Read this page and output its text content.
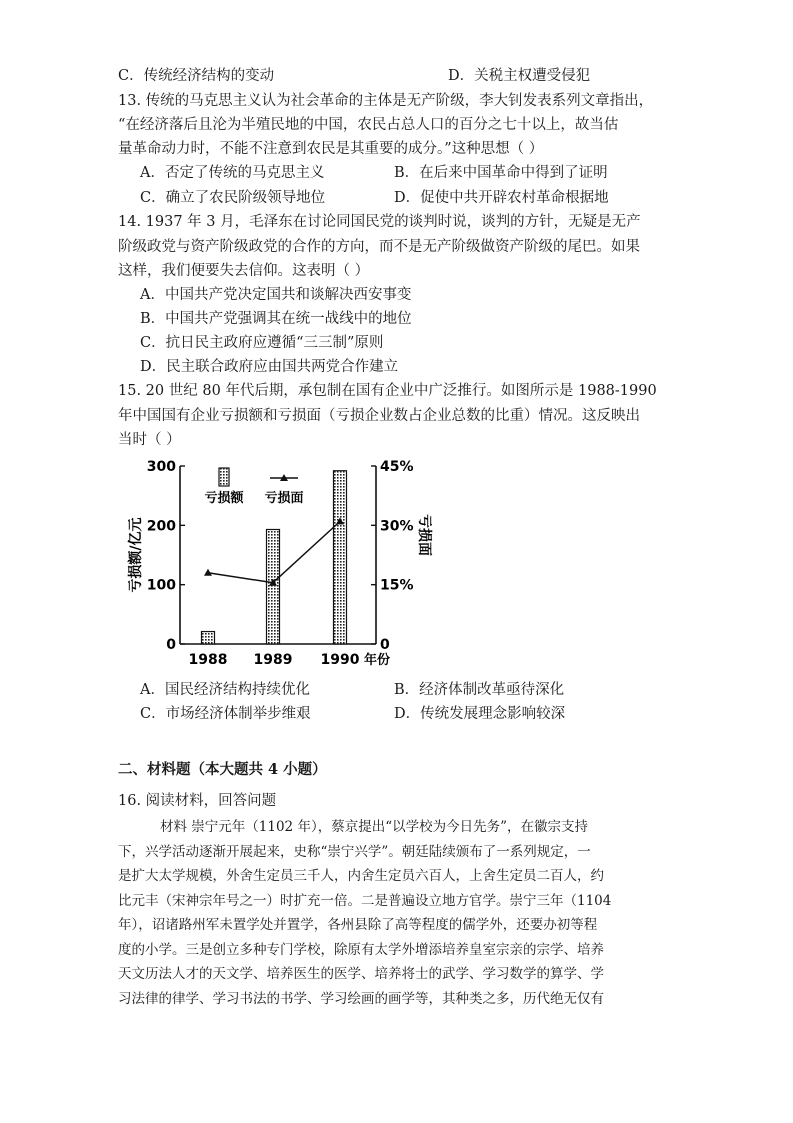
C．传统经济结构的变动	D．关税主权遭受侵犯
13. 传统的马克思主义认为社会革命的主体是无产阶级，李大钊发表系列文章指出，
“在经济落后且沦为半殖民地的中国，农民占总人口的百分之七十以上，故当估
量革命动力时，不能不注意到农民是其重要的成分。”这种思想（ ）
A．否定了传统的马克思主义	B．在后来中国革命中得到了证明
C．确立了农民阶级领导地位	D．促使中共开辟农村革命根据地
14. 1937 年 3 月，毛泽东在讨论同国民党的谈判时说，谈判的方针，无疑是无产
阶级政党与资产阶级政党的合作的方向，而不是无产阶级做资产阶级的尾巴。如果
这样，我们便要失去信仰。这表明（ ）
A．中国共产党决定国共和谈解决西安事变
B．中国共产党强调其在统一战线中的地位
C．抗日民主政府应遵循“三三制”原则
D．民主联合政府应由国共两党合作建立
15. 20 世纪 80 年代后期，承包制在国有企业中广泛推行。如图所示是 1988-1990
年中国国有企业亏损额和亏损面（亏损企业数占企业总数的比重）情况。这反映出
当时（ ）
亏损额 亏损面
0
100
200
300
0
15%
30%
45%
1988 1989 1990 年份
亏损额/亿元	亏损面
A．国民经济结构持续优化	B．经济体制改革亟待深化
C．市场经济体制举步维艰	D．传统发展理念影响较深
二、材料题（本大题共 4 小题）
16. 阅读材料，回答问题
材料 崇宁元年（1102 年），蔡京提出“以学校为今日先务”，在徽宗支持
下，兴学活动逐渐开展起来，史称“崇宁兴学”。朝廷陆续颁布了一系列规定，一
是扩大太学规模，外舍生定员三千人，内舍生定员六百人，上舍生定员二百人，约
比元丰（宋神宗年号之一）时扩充一倍。二是普遍设立地方官学。崇宁三年（1104
年），诏诸路州军未置学处并置学，各州县除了高等程度的儒学外，还要办初等程
度的小学。三是创立多种专门学校，除原有太学外增添培养皇室宗亲的宗学、培养
天文历法人才的天文学、培养医生的医学、培养将士的武学、学习数学的算学、学
习法律的律学、学习书法的书学、学习绘画的画学等，其种类之多，历代绝无仅有
